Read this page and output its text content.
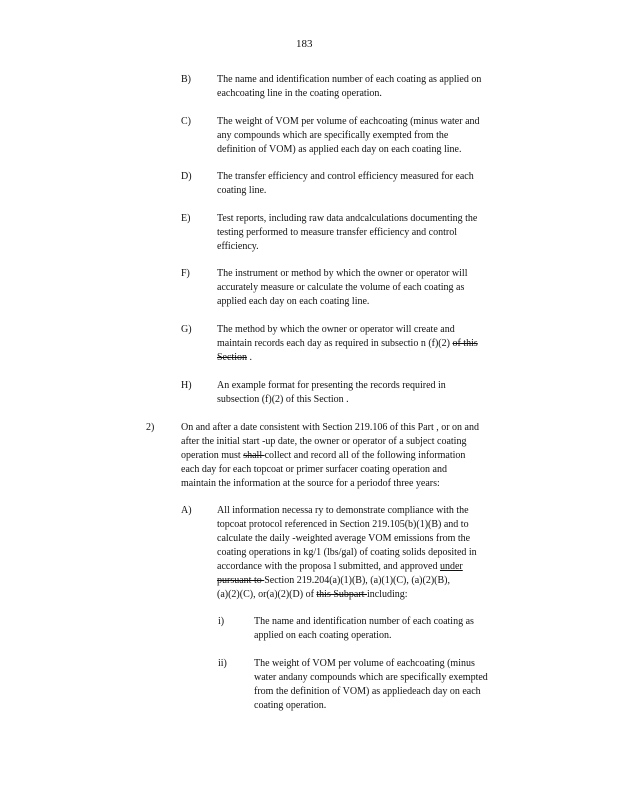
183
B)	The name and identification number of each coating as applied on
eachcoating line in the coating operation.
C)	The weight of VOM per volume of eachcoating (minus water and
any compounds which are specifically exempted from the
definition of VOM) as applied each day on each coating line.
D)	The transfer efficiency and control efficiency measured for each
coating line.
E)	Test reports, including raw data andcalculations documenting the
testing performed to measure transfer efficiency and control
efficiency.
F)	The instrument or method by which the owner or operator will
accurately measure or calculate the volume of each coating as
applied each day on each coating line.
G)	The method by which the owner or operator will create and
maintain records each day as required in subsectio n (f)(2) of this
Section .
H)	An example format for presenting the records required in
subsection (f)(2) of this Section .
2)	On and after a date consistent with Section 219.106 of this Part , or on and
after the initial start -up date, the owner or operator of a subject coating
operation must shall collect and record all of the following information
each day for each topcoat or primer surfacer coating operation and
maintain the information at the source for a periodof three years:
A)	All information necessa ry to demonstrate compliance with the
topcoat protocol referenced in Section 219.105(b)(1)(B) and to
calculate the daily -weighted average VOM emissions from the
coating operations in kg/1 (lbs/gal) of coating solids deposited in
accordance with the proposa l submitted, and approved under
pursuant to Section 219.204(a)(1)(B), (a)(1)(C), (a)(2)(B),
(a)(2)(C), or(a)(2)(D) of this Subpart including:
i)	The name and identification number of each coating as
applied on each coating operation.
ii)	The weight of VOM per volume of eachcoating (minus
water andany compounds which are specifically exempted
from the definition of VOM) as appliedeach day on each
coating operation.
